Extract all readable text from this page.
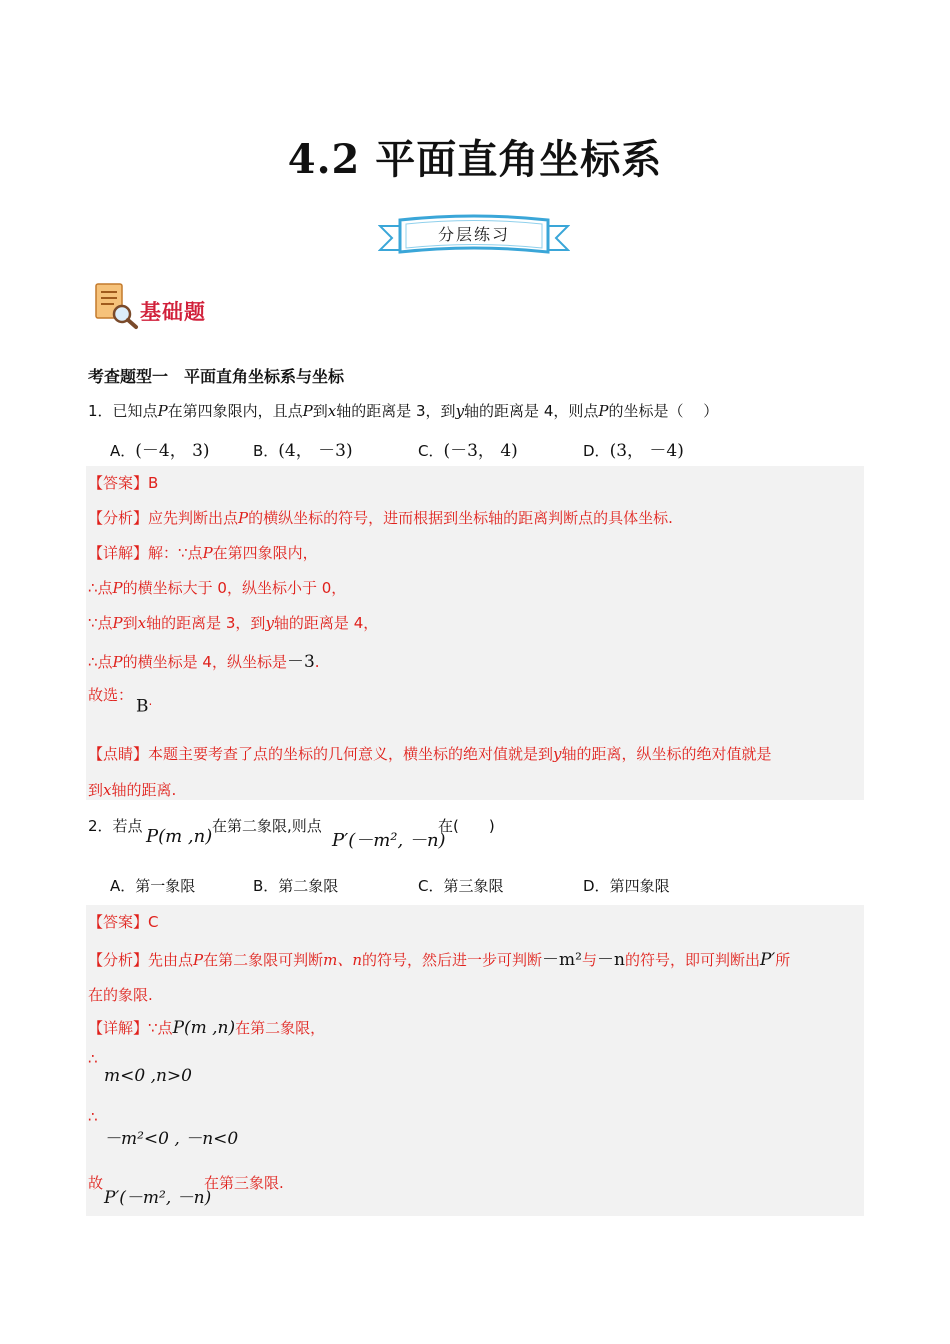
4.2 平面直角坐标系
分层练习
基础题
考查题型一　平面直角坐标系与坐标
1．已知点P在第四象限内，且点P到x轴的距离是 3，到y轴的距离是 4，则点P的坐标是（　 ）
A．(－4， 3)	B．(4， －3)	C．(－3， 4)	D．(3， －4)
【答案】B
【分析】应先判断出点P的横纵坐标的符号，进而根据到坐标轴的距离判断点的具体坐标.
【详解】解：∵点P在第四象限内，
∴点P的横坐标大于 0，纵坐标小于 0，
∵点P到x轴的距离是 3，到y轴的距离是 4，
∴点P的横坐标是 4，纵坐标是－3.
故选：
B.
【点睛】本题主要考查了点的坐标的几何意义，横坐标的绝对值就是到y轴的距离，纵坐标的绝对值就是
到x轴的距离.
2．若点 P(m ,n) 在第二象限,则点
P′(－m², －n)
在(　　)
A．第一象限	B．第二象限	C．第三象限	D．第四象限
【答案】C
【分析】先由点P在第二象限可判断m、n的符号，然后进一步可判断－m²与－n的符号，即可判断出P′所
在的象限.
【详解】∵点P(m ,n)在第二象限，
∴
m<0 ,n>0
∴
－m²<0 , －n<0
故
P′(－m², －n)
在第三象限.
